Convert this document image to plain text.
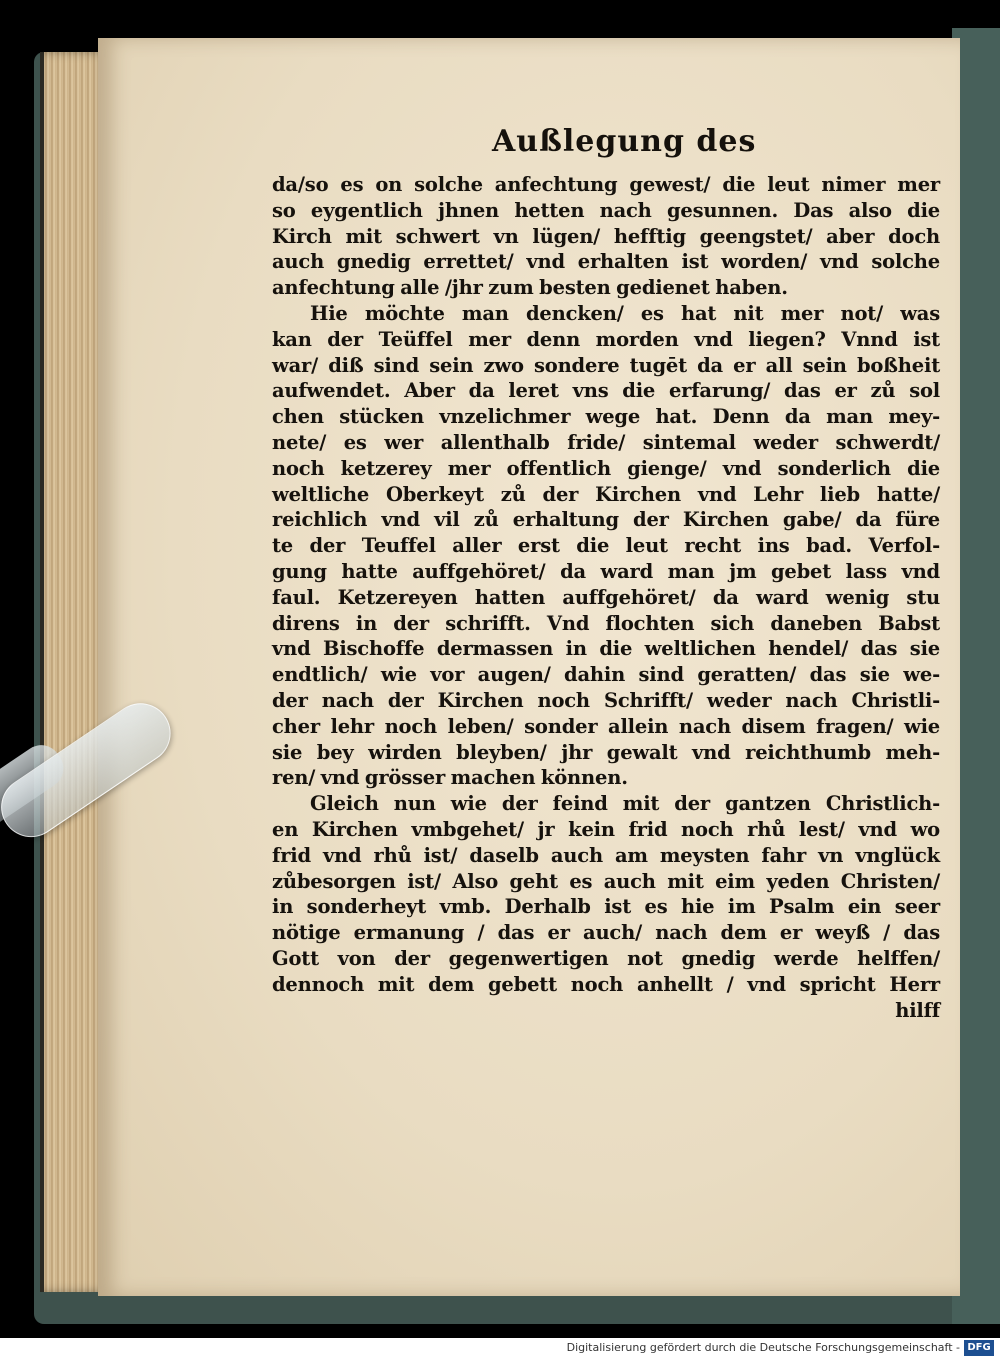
Außlegung des
da/so es on solche anfechtung gewest/ die leut nimer mer
so eygentlich jhnen hetten nach gesunnen. Das also die
Kirch mit schwert vn lügen/ hefftig geengstet/ aber doch
auch gnedig errettet/ vnd erhalten ist worden/ vnd solche
anfechtung alle /jhr zum besten gedienet haben.
Hie möchte man dencken/ es hat nit mer not/ was
kan der Teüffel mer denn morden vnd liegen? Vnnd ist
war/ diß sind sein zwo sondere tugēt da er all sein boßheit
aufwendet. Aber da leret vns die erfarung/ das er zů sol
chen stücken vnzelichmer wege hat. Denn da man mey-
nete/ es wer allenthalb fride/ sintemal weder schwerdt/
noch ketzerey mer offentlich gienge/ vnd sonderlich die
weltliche Oberkeyt zů der Kirchen vnd Lehr lieb hatte/
reichlich vnd vil zů erhaltung der Kirchen gabe/ da füre
te der Teuffel aller erst die leut recht ins bad. Verfol-
gung hatte auffgehöret/ da ward man jm gebet lass vnd
faul. Ketzereyen hatten auffgehöret/ da ward wenig stu
direns in der schrifft. Vnd flochten sich daneben Babst
vnd Bischoffe dermassen in die weltlichen hendel/ das sie
endtlich/ wie vor augen/ dahin sind geratten/ das sie we-
der nach der Kirchen noch Schrifft/ weder nach Christli-
cher lehr noch leben/ sonder allein nach disem fragen/ wie
sie bey wirden bleyben/ jhr gewalt vnd reichthumb meh-
ren/ vnd grösser machen können.
Gleich nun wie der feind mit der gantzen Christlich-
en Kirchen vmbgehet/ jr kein frid noch rhů lest/ vnd wo
frid vnd rhů ist/ daselb auch am meysten fahr vn vnglück
zůbesorgen ist/ Also geht es auch mit eim yeden Christen/
in sonderheyt vmb. Derhalb ist es hie im Psalm ein seer
nötige ermanung / das er auch/ nach dem er weyß / das
Gott von der gegenwertigen not gnedig werde helffen/
dennoch mit dem gebett noch anhellt / vnd spricht Herr
hilff
Digitalisierung gefördert durch die Deutsche Forschungsgemeinschaft - DFG
